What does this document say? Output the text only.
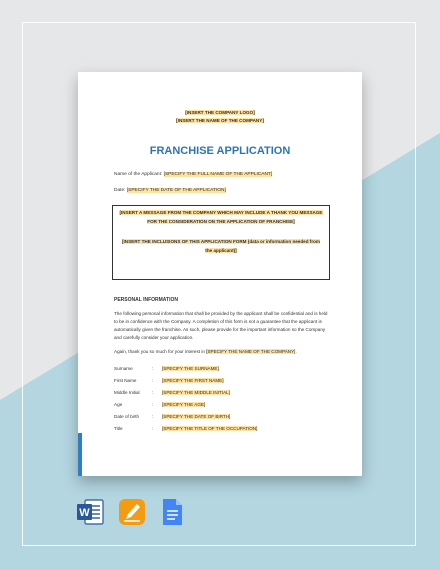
[INSERT THE COMPANY LOGO]
[INSERT THE NAME OF THE COMPANY]
FRANCHISE APPLICATION
Name of the Applicant: [SPECIFY THE FULL NAME OF THE APPLICANT]
Date: [SPECIFY THE DATE OF THE APPLICATION]
[INSERT A MESSAGE FROM THE COMPANY WHICH MAY INCLUDE A THANK YOU MESSAGE FOR THE CONSIDERATION ON THE APPLICATION OF FRANCHISE]
[INSERT THE INCLUSIONS OF THIS APPLICATION FORM (data or information needed from the applicant)]
PERSONAL INFORMATION
The following personal information that shall be provided by the applicant shall be confidential and is held to be in confidence with the Company. A completion of this form is not a guarantee that the applicant is automatically given the franchise. As such, please provide for the important information so the Company and carefully consider your application.
Again, thank you so much for your interest in [SPECIFY THE NAME OF THE COMPANY].
Surname	: [SPECIFY THE SURNAME]
First Name	: [SPECIFY THE FIRST NAME]
Middle Initial	: [SPECIFY THE MIDDLE INITIAL]
Age	: [SPECIFY THE AGE]
Date of birth	: [SPECIFY THE DATE OF BIRTH]
Title	: [SPECIFY THE TITLE OF THE OCCUPATION]
W
